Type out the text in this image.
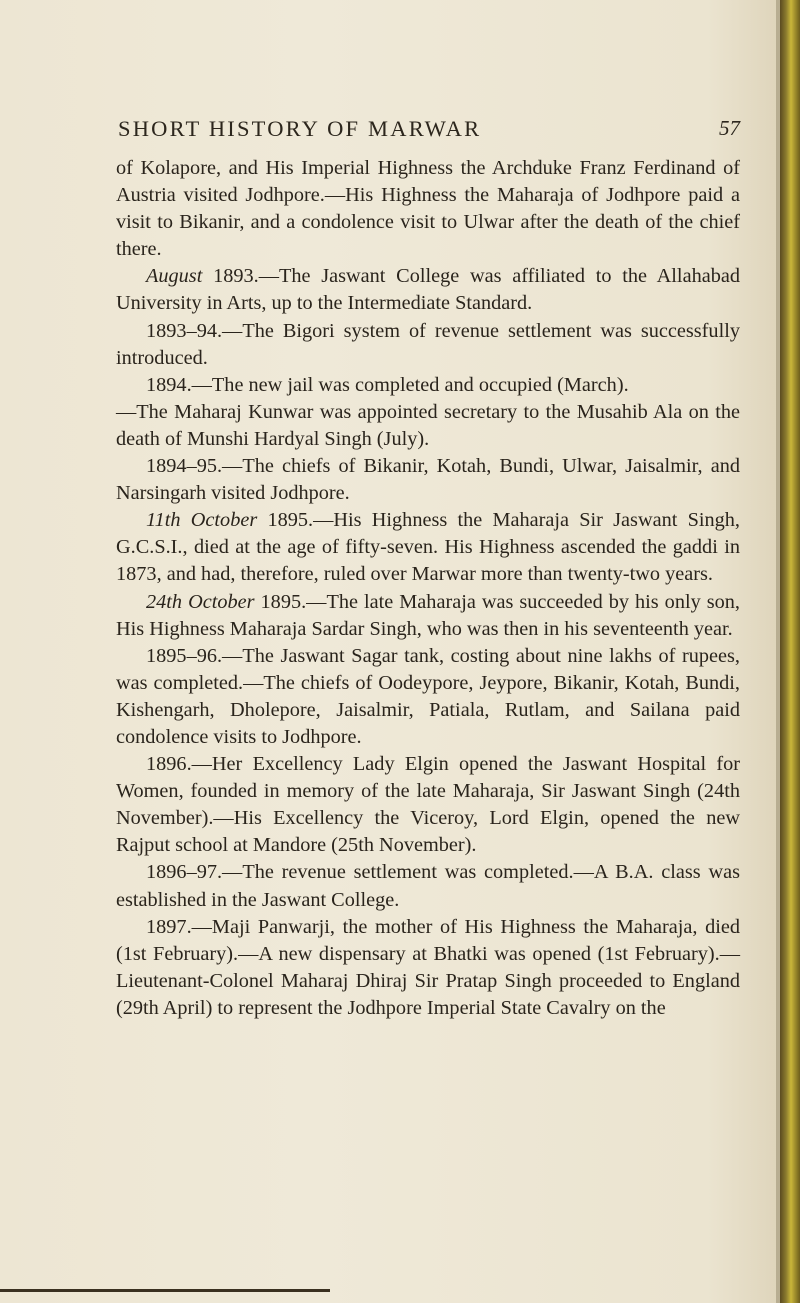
SHORT HISTORY OF MARWAR	57

of Kolapore, and His Imperial Highness the Archduke Franz Ferdinand of Austria visited Jodhpore.—His Highness the Maharaja of Jodhpore paid a visit to Bikanir, and a condolence visit to Ulwar after the death of the chief there.

August 1893.—The Jaswant College was affiliated to the Allahabad University in Arts, up to the Intermediate Standard.

1893–94.—The Bigori system of revenue settlement was successfully introduced.

1894.—The new jail was completed and occupied (March).

—The Maharaj Kunwar was appointed secretary to the Musahib Ala on the death of Munshi Hardyal Singh (July).

1894–95.—The chiefs of Bikanir, Kotah, Bundi, Ulwar, Jaisalmir, and Narsingarh visited Jodhpore.

11th October 1895.—His Highness the Maharaja Sir Jaswant Singh, G.C.S.I., died at the age of fifty-seven. His Highness ascended the gaddi in 1873, and had, therefore, ruled over Marwar more than twenty-two years.

24th October 1895.—The late Maharaja was succeeded by his only son, His Highness Maharaja Sardar Singh, who was then in his seventeenth year.

1895–96.—The Jaswant Sagar tank, costing about nine lakhs of rupees, was completed.—The chiefs of Oodeypore, Jeypore, Bikanir, Kotah, Bundi, Kishengarh, Dholepore, Jaisalmir, Patiala, Rutlam, and Sailana paid condolence visits to Jodhpore.

1896.—Her Excellency Lady Elgin opened the Jaswant Hospital for Women, founded in memory of the late Maharaja, Sir Jaswant Singh (24th November).—His Excellency the Viceroy, Lord Elgin, opened the new Rajput school at Mandore (25th November).

1896–97.—The revenue settlement was completed.—A B.A. class was established in the Jaswant College.

1897.—Maji Panwarji, the mother of His Highness the Maharaja, died (1st February).—A new dispensary at Bhatki was opened (1st February).—Lieutenant-Colonel Maharaj Dhiraj Sir Pratap Singh proceeded to England (29th April) to represent the Jodhpore Imperial State Cavalry on the
